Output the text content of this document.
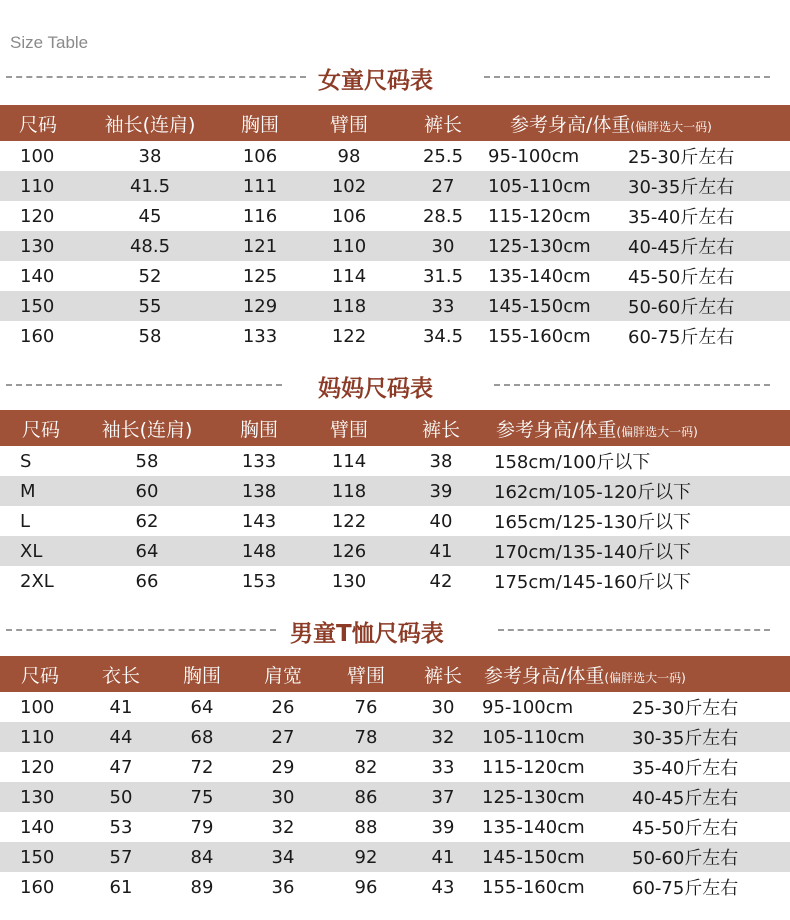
Size Table
女童尺码表
尺码	袖长(连肩)	胸围	臂围	裤长	参考身高/体重(偏胖选大一码)	
100	38	106	98	25.5	95-100cm	25-30斤左右
110	41.5	111	102	27	105-110cm	30-35斤左右
120	45	116	106	28.5	115-120cm	35-40斤左右
130	48.5	121	110	30	125-130cm	40-45斤左右
140	52	125	114	31.5	135-140cm	45-50斤左右
150	55	129	118	33	145-150cm	50-60斤左右
160	58	133	122	34.5	155-160cm	60-75斤左右
妈妈尺码表
尺码	袖长(连肩)	胸围	臂围	裤长	参考身高/体重(偏胖选大一码)
S	58	133	114	38	158cm/100斤以下
M	60	138	118	39	162cm/105-120斤以下
L	62	143	122	40	165cm/125-130斤以下
XL	64	148	126	41	170cm/135-140斤以下
2XL	66	153	130	42	175cm/145-160斤以下
男童T恤尺码表
尺码	衣长	胸围	肩宽	臂围	裤长	参考身高/体重(偏胖选大一码)	
100	41	64	26	76	30	95-100cm	25-30斤左右
110	44	68	27	78	32	105-110cm	30-35斤左右
120	47	72	29	82	33	115-120cm	35-40斤左右
130	50	75	30	86	37	125-130cm	40-45斤左右
140	53	79	32	88	39	135-140cm	45-50斤左右
150	57	84	34	92	41	145-150cm	50-60斤左右
160	61	89	36	96	43	155-160cm	60-75斤左右
